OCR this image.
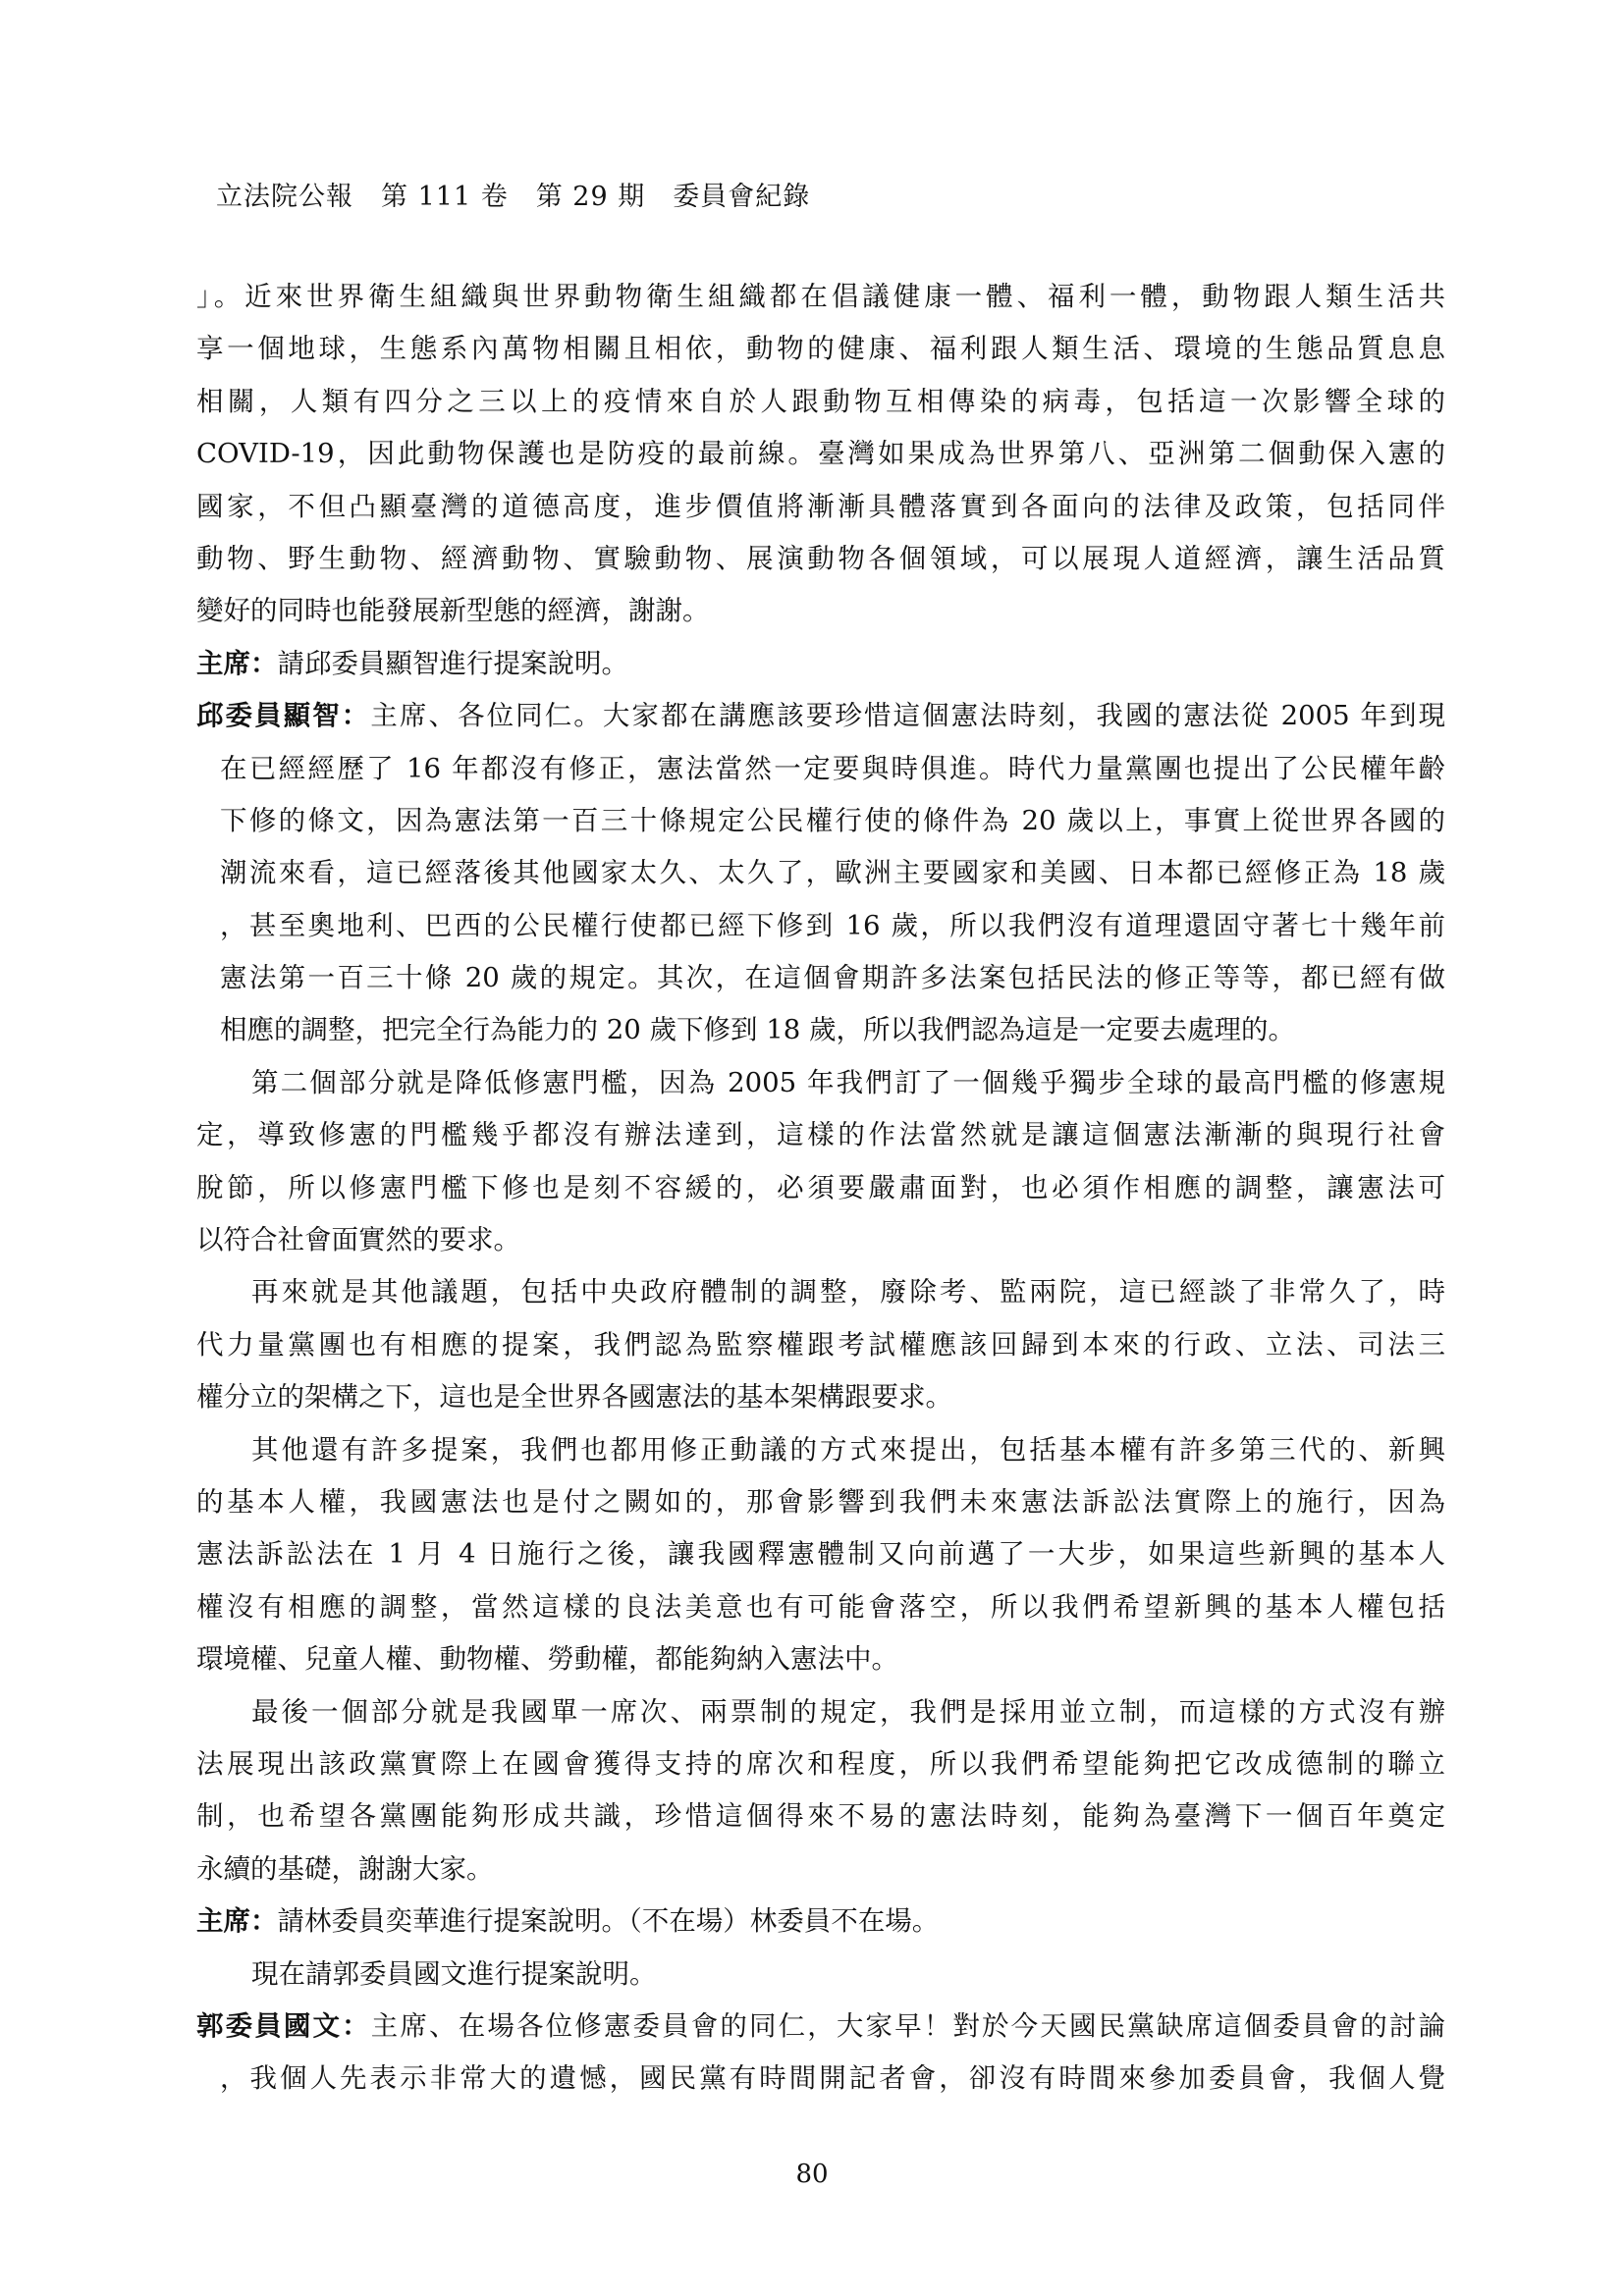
立法院公報　第 111 卷　第 29 期　委員會紀錄
」。近來世界衛生組織與世界動物衛生組織都在倡議健康一體、福利一體，動物跟人類生活共
享一個地球，生態系內萬物相關且相依，動物的健康、福利跟人類生活、環境的生態品質息息
相關，人類有四分之三以上的疫情來自於人跟動物互相傳染的病毒，包括這一次影響全球的
COVID-19，因此動物保護也是防疫的最前線。臺灣如果成為世界第八、亞洲第二個動保入憲的
國家，不但凸顯臺灣的道德高度，進步價值將漸漸具體落實到各面向的法律及政策，包括同伴
動物、野生動物、經濟動物、實驗動物、展演動物各個領域，可以展現人道經濟，讓生活品質
變好的同時也能發展新型態的經濟，謝謝。
主席：請邱委員顯智進行提案說明。
邱委員顯智：主席、各位同仁。大家都在講應該要珍惜這個憲法時刻，我國的憲法從 2005 年到現
在已經經歷了 16 年都沒有修正，憲法當然一定要與時俱進。時代力量黨團也提出了公民權年齡
下修的條文，因為憲法第一百三十條規定公民權行使的條件為 20 歲以上，事實上從世界各國的
潮流來看，這已經落後其他國家太久、太久了，歐洲主要國家和美國、日本都已經修正為 18 歲
，甚至奧地利、巴西的公民權行使都已經下修到 16 歲，所以我們沒有道理還固守著七十幾年前
憲法第一百三十條 20 歲的規定。其次，在這個會期許多法案包括民法的修正等等，都已經有做
相應的調整，把完全行為能力的 20 歲下修到 18 歲，所以我們認為這是一定要去處理的。
第二個部分就是降低修憲門檻，因為 2005 年我們訂了一個幾乎獨步全球的最高門檻的修憲規
定，導致修憲的門檻幾乎都沒有辦法達到，這樣的作法當然就是讓這個憲法漸漸的與現行社會
脫節，所以修憲門檻下修也是刻不容緩的，必須要嚴肅面對，也必須作相應的調整，讓憲法可
以符合社會面實然的要求。
再來就是其他議題，包括中央政府體制的調整，廢除考、監兩院，這已經談了非常久了，時
代力量黨團也有相應的提案，我們認為監察權跟考試權應該回歸到本來的行政、立法、司法三
權分立的架構之下，這也是全世界各國憲法的基本架構跟要求。
其他還有許多提案，我們也都用修正動議的方式來提出，包括基本權有許多第三代的、新興
的基本人權，我國憲法也是付之闕如的，那會影響到我們未來憲法訴訟法實際上的施行，因為
憲法訴訟法在 1 月 4 日施行之後，讓我國釋憲體制又向前邁了一大步，如果這些新興的基本人
權沒有相應的調整，當然這樣的良法美意也有可能會落空，所以我們希望新興的基本人權包括
環境權、兒童人權、動物權、勞動權，都能夠納入憲法中。
最後一個部分就是我國單一席次、兩票制的規定，我們是採用並立制，而這樣的方式沒有辦
法展現出該政黨實際上在國會獲得支持的席次和程度，所以我們希望能夠把它改成德制的聯立
制，也希望各黨團能夠形成共識，珍惜這個得來不易的憲法時刻，能夠為臺灣下一個百年奠定
永續的基礎，謝謝大家。
主席：請林委員奕華進行提案說明。（不在場）林委員不在場。
現在請郭委員國文進行提案說明。
郭委員國文：主席、在場各位修憲委員會的同仁，大家早！對於今天國民黨缺席這個委員會的討論
，我個人先表示非常大的遺憾，國民黨有時間開記者會，卻沒有時間來參加委員會，我個人覺
80
